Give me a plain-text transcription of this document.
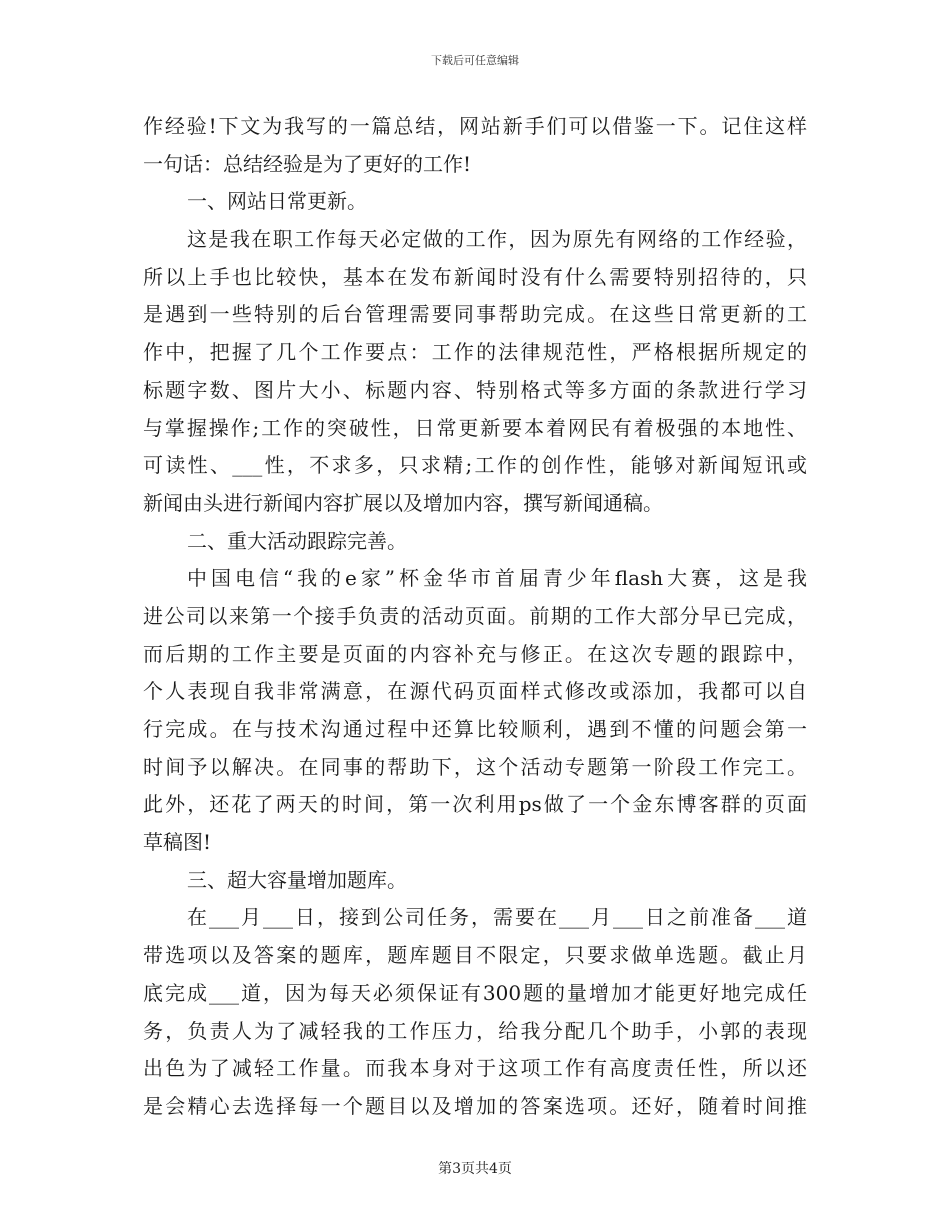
下载后可任意编辑
作经验!下文为我写的一篇总结，网站新手们可以借鉴一下。记住这样
一句话：总结经验是为了更好的工作!
一、网站日常更新。
这是我在职工作每天必定做的工作，因为原先有网络的工作经验，
所以上手也比较快，基本在发布新闻时没有什么需要特别招待的，只
是遇到一些特别的后台管理需要同事帮助完成。在这些日常更新的工
作中，把握了几个工作要点：工作的法律规范性，严格根据所规定的
标题字数、图片大小、标题内容、特别格式等多方面的条款进行学习
与掌握操作;工作的突破性，日常更新要本着网民有着极强的本地性、
可读性、___性，不求多，只求精;工作的创作性，能够对新闻短讯或
新闻由头进行新闻内容扩展以及增加内容，撰写新闻通稿。
二、重大活动跟踪完善。
中国电信“我的e家”杯金华市首届青少年flash大赛，这是我
进公司以来第一个接手负责的活动页面。前期的工作大部分早已完成，
而后期的工作主要是页面的内容补充与修正。在这次专题的跟踪中，
个人表现自我非常满意，在源代码页面样式修改或添加，我都可以自
行完成。在与技术沟通过程中还算比较顺利，遇到不懂的问题会第一
时间予以解决。在同事的帮助下，这个活动专题第一阶段工作完工。
此外，还花了两天的时间，第一次利用ps做了一个金东博客群的页面
草稿图!
三、超大容量增加题库。
在___月___日，接到公司任务，需要在___月___日之前准备___道
带选项以及答案的题库，题库题目不限定，只要求做单选题。截止月
底完成___道，因为每天必须保证有300题的量增加才能更好地完成任
务，负责人为了减轻我的工作压力，给我分配几个助手，小郭的表现
出色为了减轻工作量。而我本身对于这项工作有高度责任性，所以还
是会精心去选择每一个题目以及增加的答案选项。还好，随着时间推
第3页共4页
